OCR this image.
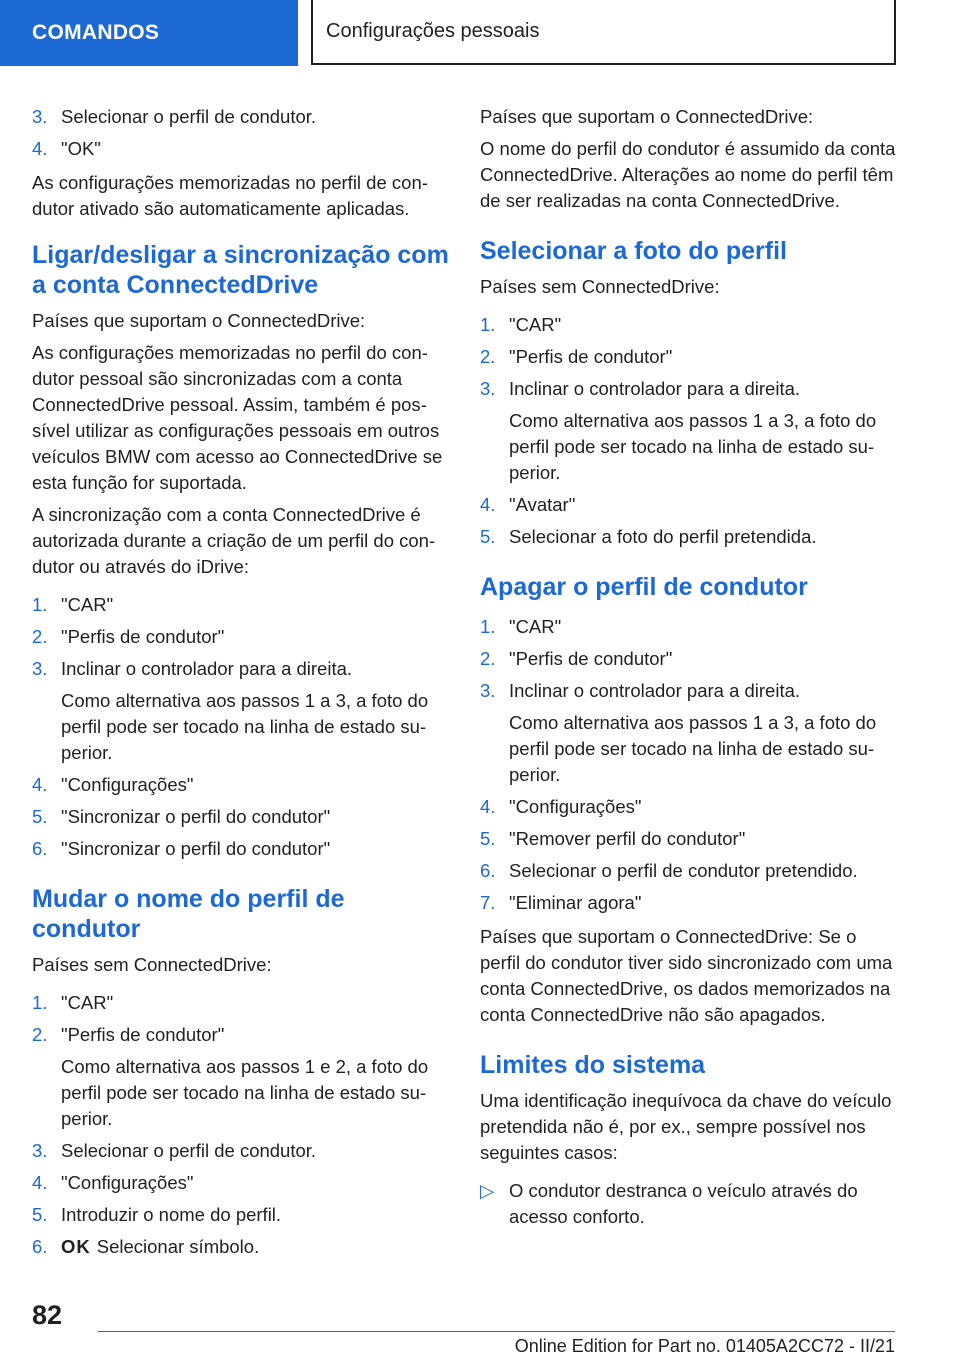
COMANDOS	Configurações pessoais
3. Selecionar o perfil de condutor.
4. "OK"

As configurações memorizadas no perfil de condutor ativado são automaticamente aplicadas.

Ligar/desligar a sincronização com a conta ConnectedDrive

Países que suportam o ConnectedDrive:

As configurações memorizadas no perfil do condutor pessoal são sincronizadas com a conta ConnectedDrive pessoal. Assim, também é possível utilizar as configurações pessoais em outros veículos BMW com acesso ao ConnectedDrive se esta função for suportada.

A sincronização com a conta ConnectedDrive é autorizada durante a criação de um perfil do condutor ou através do iDrive:

1. "CAR"
2. "Perfis de condutor"
3. Inclinar o controlador para a direita.
Como alternativa aos passos 1 a 3, a foto do perfil pode ser tocado na linha de estado superior.
4. "Configurações"
5. "Sincronizar o perfil do condutor"
6. "Sincronizar o perfil do condutor"
Mudar o nome do perfil de condutor

Países sem ConnectedDrive:

1. "CAR"
2. "Perfis de condutor"
Como alternativa aos passos 1 e 2, a foto do perfil pode ser tocado na linha de estado superior.
3. Selecionar o perfil de condutor.
4. "Configurações"
5. Introduzir o nome do perfil.
6. OK Selecionar símbolo.

Países que suportam o ConnectedDrive:

O nome do perfil do condutor é assumido da conta ConnectedDrive. Alterações ao nome do perfil têm de ser realizadas na conta ConnectedDrive.

Selecionar a foto do perfil

Países sem ConnectedDrive:

1. "CAR"
2. "Perfis de condutor"
3. Inclinar o controlador para a direita.
Como alternativa aos passos 1 a 3, a foto do perfil pode ser tocado na linha de estado superior.
4. "Avatar"
5. Selecionar a foto do perfil pretendida.
Apagar o perfil de condutor
1. "CAR"
2. "Perfis de condutor"
3. Inclinar o controlador para a direita.
Como alternativa aos passos 1 a 3, a foto do perfil pode ser tocado na linha de estado superior.
4. "Configurações"
5. "Remover perfil do condutor"
6. Selecionar o perfil de condutor pretendido.
7. "Eliminar agora"

Países que suportam o ConnectedDrive: Se o perfil do condutor tiver sido sincronizado com uma conta ConnectedDrive, os dados memorizados na conta ConnectedDrive não são apagados.

Limites do sistema

Uma identificação inequívoca da chave do veículo pretendida não é, por ex., sempre possível nos seguintes casos:

▷ O condutor destranca o veículo através do acesso conforto.
82
Online Edition for Part no. 01405A2CC72 - II/21
